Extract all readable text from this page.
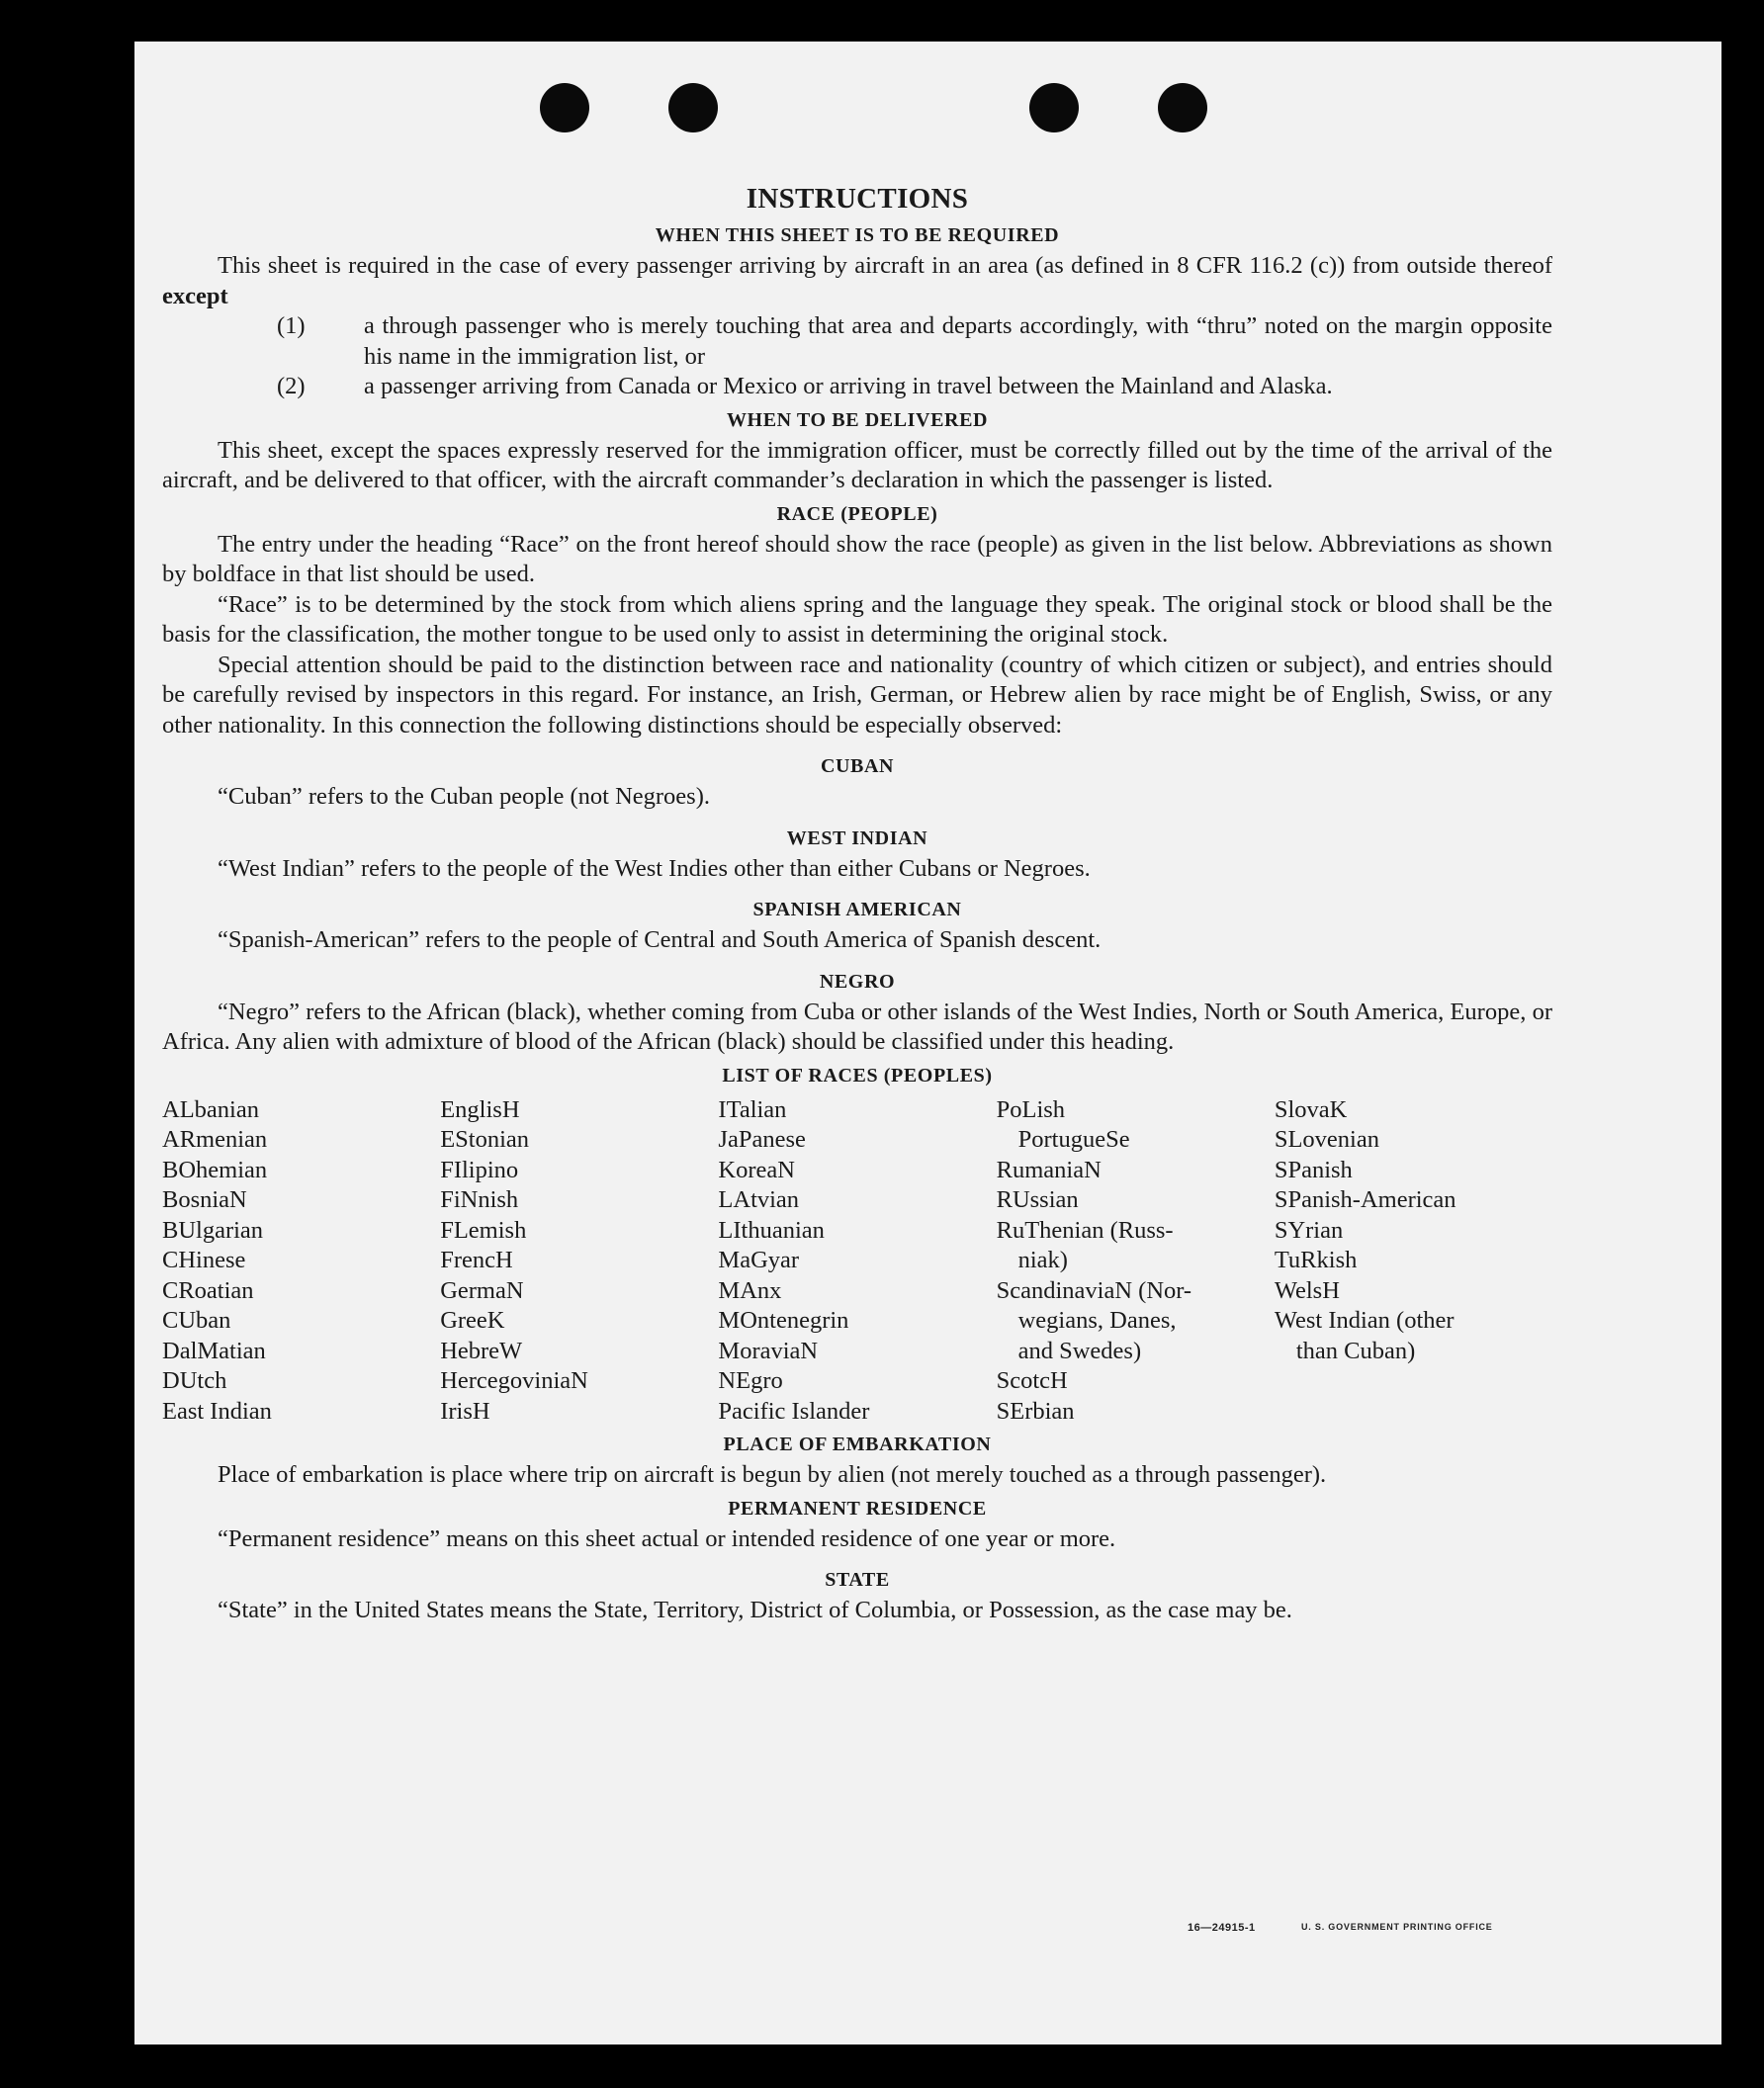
INSTRUCTIONS
WHEN THIS SHEET IS TO BE REQUIRED

This sheet is required in the case of every passenger arriving by aircraft in an area (as defined in 8 CFR 116.2 (c)) from outside thereof except

(1) a through passenger who is merely touching that area and departs accordingly, with “thru” noted on the margin opposite his name in the immigration list, or
(2) a passenger arriving from Canada or Mexico or arriving in travel between the Mainland and Alaska.
WHEN TO BE DELIVERED

This sheet, except the spaces expressly reserved for the immigration officer, must be correctly filled out by the time of the arrival of the aircraft, and be delivered to that officer, with the aircraft commander’s declaration in which the passenger is listed.

RACE (PEOPLE)

The entry under the heading “Race” on the front hereof should show the race (people) as given in the list below. Abbreviations as shown by boldface in that list should be used.

“Race” is to be determined by the stock from which aliens spring and the language they speak. The original stock or blood shall be the basis for the classification, the mother tongue to be used only to assist in determining the original stock.

Special attention should be paid to the distinction between race and nationality (country of which citizen or subject), and entries should be carefully revised by inspectors in this regard. For instance, an Irish, German, or Hebrew alien by race might be of English, Swiss, or any other nationality. In this connection the following distinctions should be especially observed:

CUBAN

“Cuban” refers to the Cuban people (not Negroes).

WEST INDIAN

“West Indian” refers to the people of the West Indies other than either Cubans or Negroes.

SPANISH AMERICAN

“Spanish-American” refers to the people of Central and South America of Spanish descent.

NEGRO

“Negro” refers to the African (black), whether coming from Cuba or other islands of the West Indies, North or South America, Europe, or Africa. Any alien with admixture of blood of the African (black) should be classified under this heading.

LIST OF RACES (PEOPLES)
ALbanian
ARmenian
BOhemian
BosniaN
BUlgarian
CHinese
CRoatian
CUban
DalMatian
DUtch
East Indian
EnglisH
EStonian
FIlipino
FiNnish
FLemish
FrencH
GermaN
GreeK
HebreW
HercegoviniaN
IrisH
ITalian
JaPanese
KoreaN
LAtvian
LIthuanian
MaGyar
MAnx
MOntenegrin
MoraviaN
NEgro
Pacific Islander
PoLish
PortugueSe
RumaniaN
RUssian
RuThenian (Russ-
niak)
ScandinaviaN (Nor-
wegians, Danes,
and Swedes)
ScotcH
SErbian
SlovaK
SLovenian
SPanish
SPanish-American
SYrian
TuRkish
WelsH
West Indian (other
than Cuban)
PLACE OF EMBARKATION

Place of embarkation is place where trip on aircraft is begun by alien (not merely touched as a through passenger).

PERMANENT RESIDENCE

“Permanent residence” means on this sheet actual or intended residence of one year or more.

STATE

“State” in the United States means the State, Territory, District of Columbia, or Possession, as the case may be.

16—24915-1	U. S. GOVERNMENT PRINTING OFFICE
